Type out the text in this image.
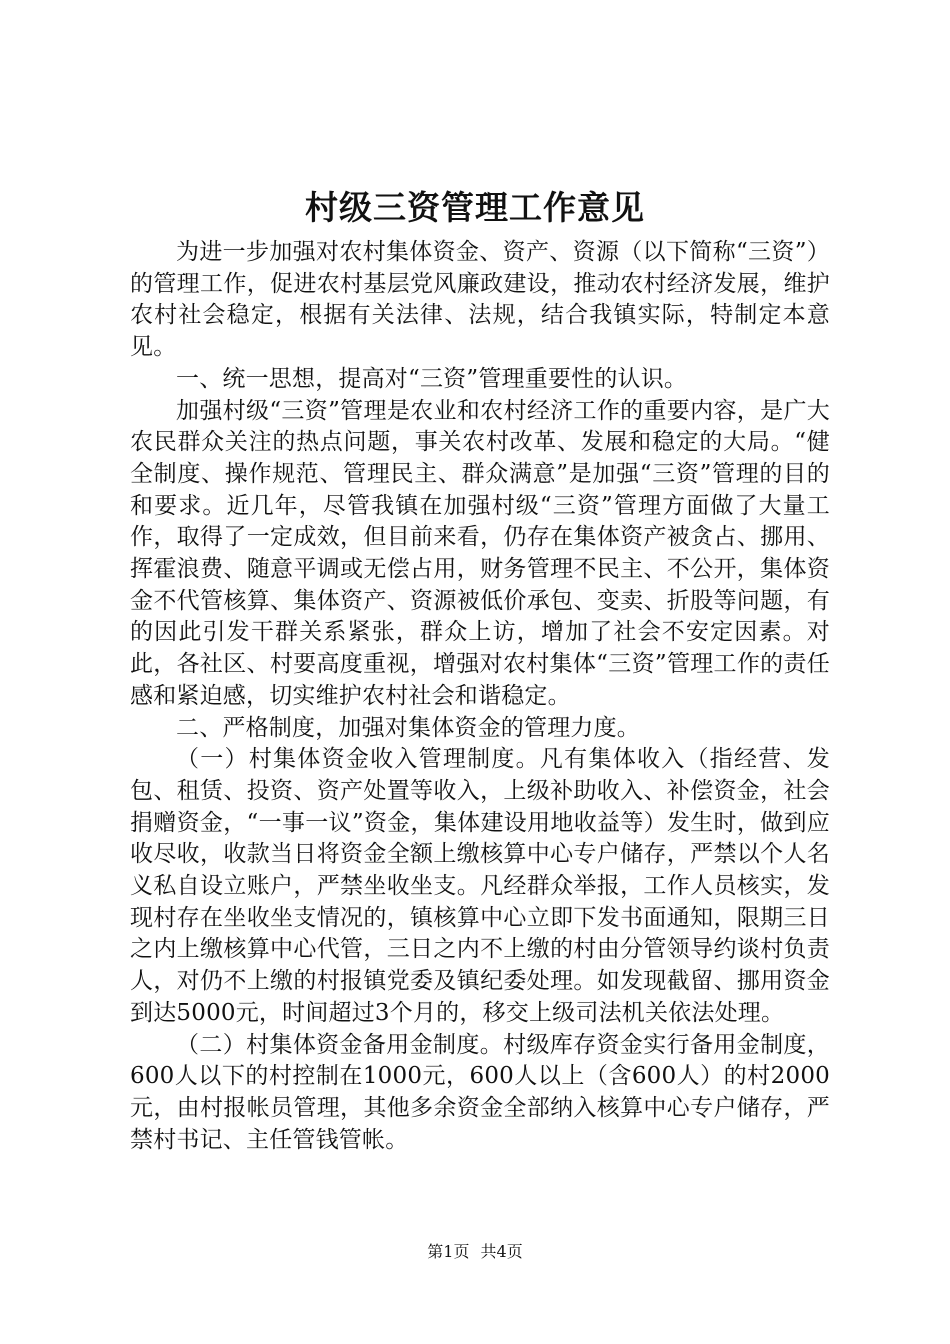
村级三资管理工作意见

为进一步加强对农村集体资金、资产、资源（以下简称“三资”）的管理工作，促进农村基层党风廉政建设，推动农村经济发展，维护农村社会稳定，根据有关法律、法规，结合我镇实际，特制定本意见。

一、统一思想，提高对“三资”管理重要性的认识。

加强村级“三资”管理是农业和农村经济工作的重要内容，是广大农民群众关注的热点问题，事关农村改革、发展和稳定的大局。“健全制度、操作规范、管理民主、群众满意”是加强“三资”管理的目的和要求。近几年，尽管我镇在加强村级“三资”管理方面做了大量工作，取得了一定成效，但目前来看，仍存在集体资产被贪占、挪用、挥霍浪费、随意平调或无偿占用，财务管理不民主、不公开，集体资金不代管核算、集体资产、资源被低价承包、变卖、折股等问题，有的因此引发干群关系紧张，群众上访，增加了社会不安定因素。对此，各社区、村要高度重视，增强对农村集体“三资”管理工作的责任感和紧迫感，切实维护农村社会和谐稳定。

二、严格制度，加强对集体资金的管理力度。

（一）村集体资金收入管理制度。凡有集体收入（指经营、发包、租赁、投资、资产处置等收入，上级补助收入、补偿资金，社会捐赠资金，“一事一议”资金，集体建设用地收益等）发生时，做到应收尽收，收款当日将资金全额上缴核算中心专户储存，严禁以个人名义私自设立账户，严禁坐收坐支。凡经群众举报，工作人员核实，发现村存在坐收坐支情况的，镇核算中心立即下发书面通知，限期三日之内上缴核算中心代管，三日之内不上缴的村由分管领导约谈村负责人，对仍不上缴的村报镇党委及镇纪委处理。如发现截留、挪用资金到达5000元，时间超过3个月的，移交上级司法机关依法处理。

（二）村集体资金备用金制度。村级库存资金实行备用金制度，600人以下的村控制在1000元，600人以上（含600人）的村2000元，由村报帐员管理，其他多余资金全部纳入核算中心专户储存，严禁村书记、主任管钱管帐。

第1页 共4页
